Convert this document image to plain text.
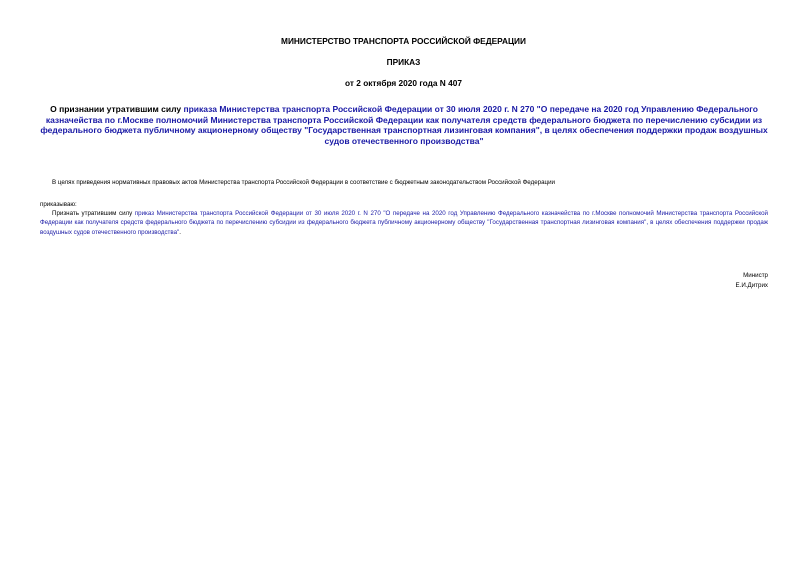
МИНИСТЕРСТВО ТРАНСПОРТА РОССИЙСКОЙ ФЕДЕРАЦИИ
ПРИКАЗ
от 2 октября 2020 года N 407
О признании утратившим силу приказа Министерства транспорта Российской Федерации от 30 июля 2020 г. N 270 "О передаче на 2020 год Управлению Федерального казначейства по г.Москве полномочий Министерства транспорта Российской Федерации как получателя средств федерального бюджета по перечислению субсидии из федерального бюджета публичному акционерному обществу "Государственная транспортная лизинговая компания", в целях обеспечения поддержки продаж воздушных судов отечественного производства"
В целях приведения нормативных правовых актов Министерства транспорта Российской Федерации в соответствие с бюджетным законодательством Российской Федерации
приказываю:
Признать утратившим силу приказ Министерства транспорта Российской Федерации от 30 июля 2020 г. N 270 "О передаче на 2020 год Управлению Федерального казначейства по г.Москве полномочий Министерства транспорта Российской Федерации как получателя средств федерального бюджета по перечислению субсидии из федерального бюджета публичному акционерному обществу "Государственная транспортная лизинговая компания", в целях обеспечения поддержки продаж воздушных судов отечественного производства".
Министр
Е.И.Дитрих
